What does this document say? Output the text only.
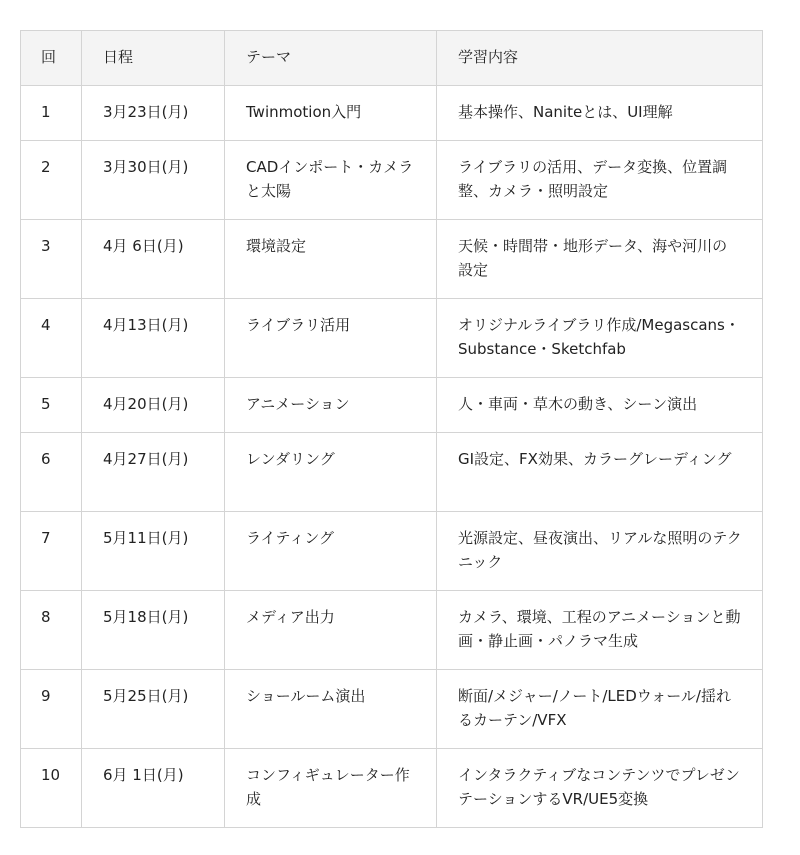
回	日程	テーマ	学習内容
1	3月23日(月)	Twinmotion入門	基本操作、Naniteとは、UI理解
2	3月30日(月)	CADインポート・カメラと太陽	ライブラリの活用、データ変換、位置調整、カメラ・照明設定
3	4月 6日(月)	環境設定	天候・時間帯・地形データ、海や河川の設定
4	4月13日(月)	ライブラリ活用	オリジナルライブラリ作成/Megascans・Substance・Sketchfab
5	4月20日(月)	アニメーション	人・車両・草木の動き、シーン演出
6	4月27日(月)	レンダリング	GI設定、FX効果、カラーグレーディング
7	5月11日(月)	ライティング	光源設定、昼夜演出、リアルな照明のテクニック
8	5月18日(月)	メディア出力	カメラ、環境、工程のアニメーションと動画・静止画・パノラマ生成
9	5月25日(月)	ショールーム演出	断面/メジャー/ノート/LEDウォール/揺れるカーテン/VFX
10	6月 1日(月)	コンフィギュレーター作成	インタラクティブなコンテンツでプレゼンテーションするVR/UE5変換
